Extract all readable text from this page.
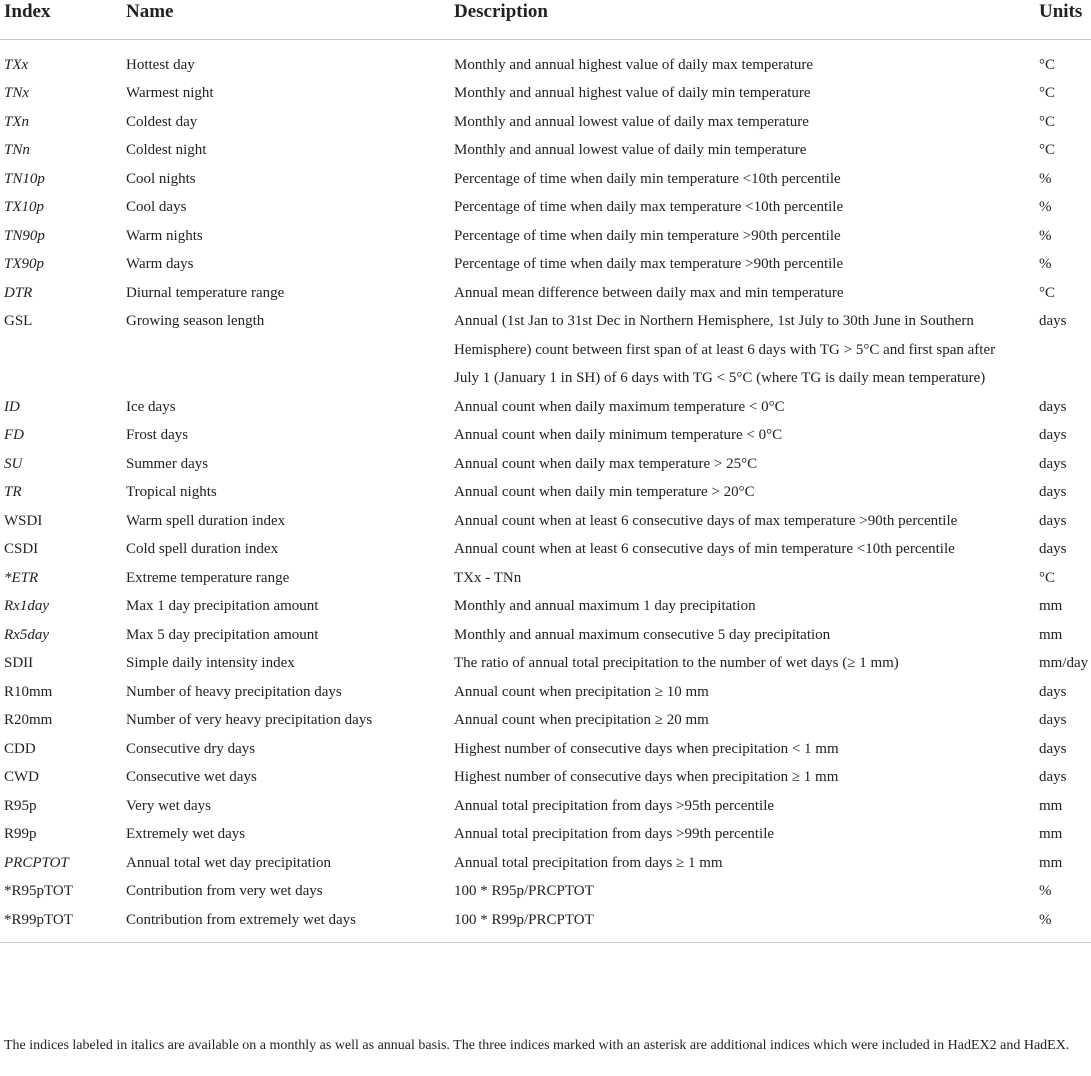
Index	Name	Description	Units
TXx	Hottest day	Monthly and annual highest value of daily max temperature	°C
TNx	Warmest night	Monthly and annual highest value of daily min temperature	°C
TXn	Coldest day	Monthly and annual lowest value of daily max temperature	°C
TNn	Coldest night	Monthly and annual lowest value of daily min temperature	°C
TN10p	Cool nights	Percentage of time when daily min temperature <10th percentile	%
TX10p	Cool days	Percentage of time when daily max temperature <10th percentile	%
TN90p	Warm nights	Percentage of time when daily min temperature >90th percentile	%
TX90p	Warm days	Percentage of time when daily max temperature >90th percentile	%
DTR	Diurnal temperature range	Annual mean difference between daily max and min temperature	°C
GSL	Growing season length	Annual (1st Jan to 31st Dec in Northern Hemisphere, 1st July to 30th June in Southern Hemisphere) count between first span of at least 6 days with TG > 5°C and first span after July 1 (January 1 in SH) of 6 days with TG < 5°C (where TG is daily mean temperature)	days
ID	Ice days	Annual count when daily maximum temperature < 0°C	days
FD	Frost days	Annual count when daily minimum temperature < 0°C	days
SU	Summer days	Annual count when daily max temperature > 25°C	days
TR	Tropical nights	Annual count when daily min temperature > 20°C	days
WSDI	Warm spell duration index	Annual count when at least 6 consecutive days of max temperature >90th percentile	days
CSDI	Cold spell duration index	Annual count when at least 6 consecutive days of min temperature <10th percentile	days
*ETR	Extreme temperature range	TXx - TNn	°C
Rx1day	Max 1 day precipitation amount	Monthly and annual maximum 1 day precipitation	mm
Rx5day	Max 5 day precipitation amount	Monthly and annual maximum consecutive 5 day precipitation	mm
SDII	Simple daily intensity index	The ratio of annual total precipitation to the number of wet days (≥ 1 mm)	mm/day
R10mm	Number of heavy precipitation days	Annual count when precipitation ≥ 10 mm	days
R20mm	Number of very heavy precipitation days	Annual count when precipitation ≥ 20 mm	days
CDD	Consecutive dry days	Highest number of consecutive days when precipitation < 1 mm	days
CWD	Consecutive wet days	Highest number of consecutive days when precipitation ≥ 1 mm	days
R95p	Very wet days	Annual total precipitation from days >95th percentile	mm
R99p	Extremely wet days	Annual total precipitation from days >99th percentile	mm
PRCPTOT	Annual total wet day precipitation	Annual total precipitation from days ≥ 1 mm	mm
*R95pTOT	Contribution from very wet days	100 * R95p/PRCPTOT	%
*R99pTOT	Contribution from extremely wet days	100 * R99p/PRCPTOT	%
The indices labeled in italics are available on a monthly as well as annual basis. The three indices marked with an asterisk are additional indices which were included in HadEX2 and HadEX.
